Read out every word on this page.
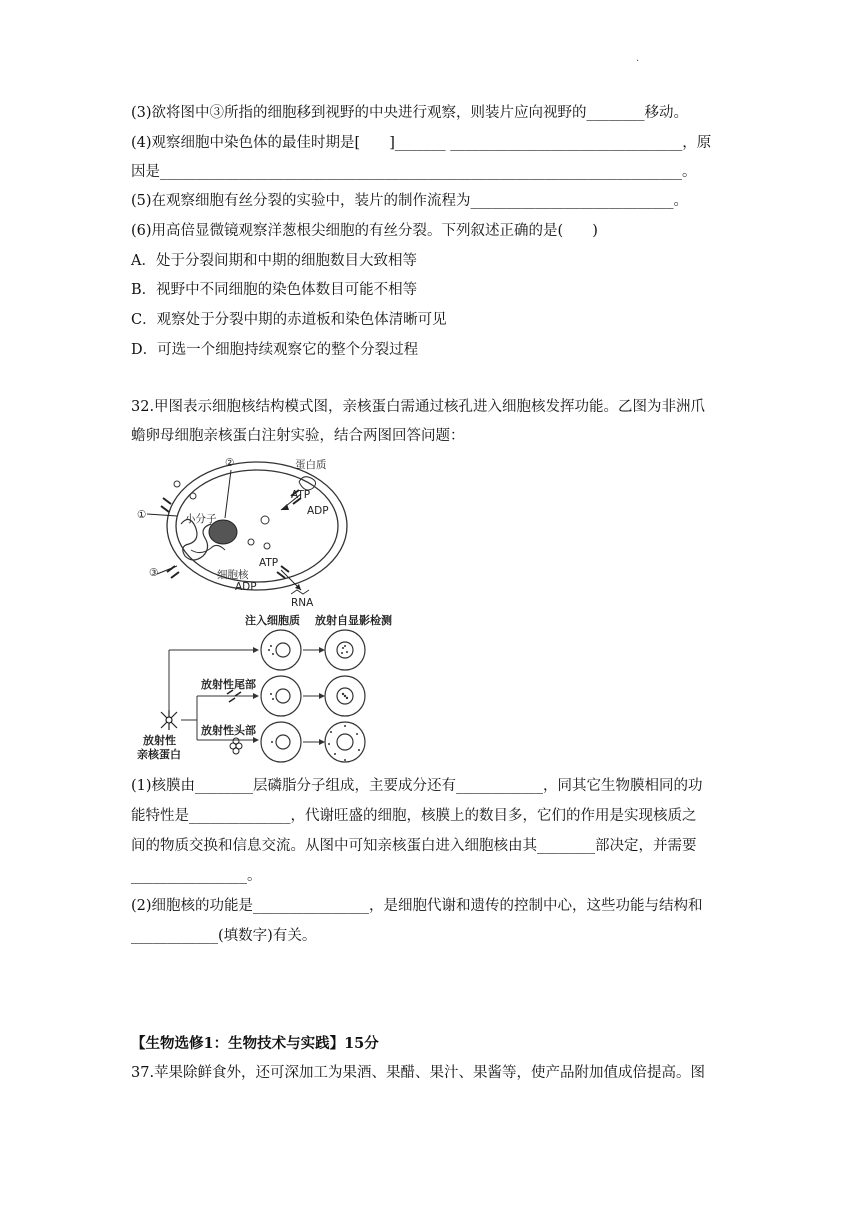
·
(3)欲将图中③所指的细胞移到视野的中央进行观察，则装片应向视野的________移动。
(4)观察细胞中染色体的最佳时期是[　　]_______ ________________________________，原
因是________________________________________________________________________。
(5)在观察细胞有丝分裂的实验中，装片的制作流程为____________________________。
(6)用高倍显微镜观察洋葱根尖细胞的有丝分裂。下列叙述正确的是(　　)
A．处于分裂间期和中期的细胞数目大致相等
B．视野中不同细胞的染色体数目可能不相等
C．观察处于分裂中期的赤道板和染色体清晰可见
D．可选一个细胞持续观察它的整个分裂过程
32.甲图表示细胞核结构模式图，亲核蛋白需通过核孔进入细胞核发挥功能。乙图为非洲爪
蟾卵母细胞亲核蛋白注射实验，结合两图回答问题：
②	蛋白质
ATP
ADP
①	小分子
ATP
细胞核
ADP
③
RNA
注入细胞质 放射自显影检测
放射性
亲核蛋白
放射性尾部
放射性头部
(1)核膜由________层磷脂分子组成，主要成分还有____________，同其它生物膜相同的功
能特性是______________，代谢旺盛的细胞，核膜上的数目多，它们的作用是实现核质之
间的物质交换和信息交流。从图中可知亲核蛋白进入细胞核由其________部决定，并需要
________________。
(2)细胞核的功能是________________，是细胞代谢和遗传的控制中心，这些功能与结构和
____________(填数字)有关。
【生物选修1：生物技术与实践】15分
37.苹果除鲜食外，还可深加工为果酒、果醋、果汁、果酱等，使产品附加值成倍提高。图
